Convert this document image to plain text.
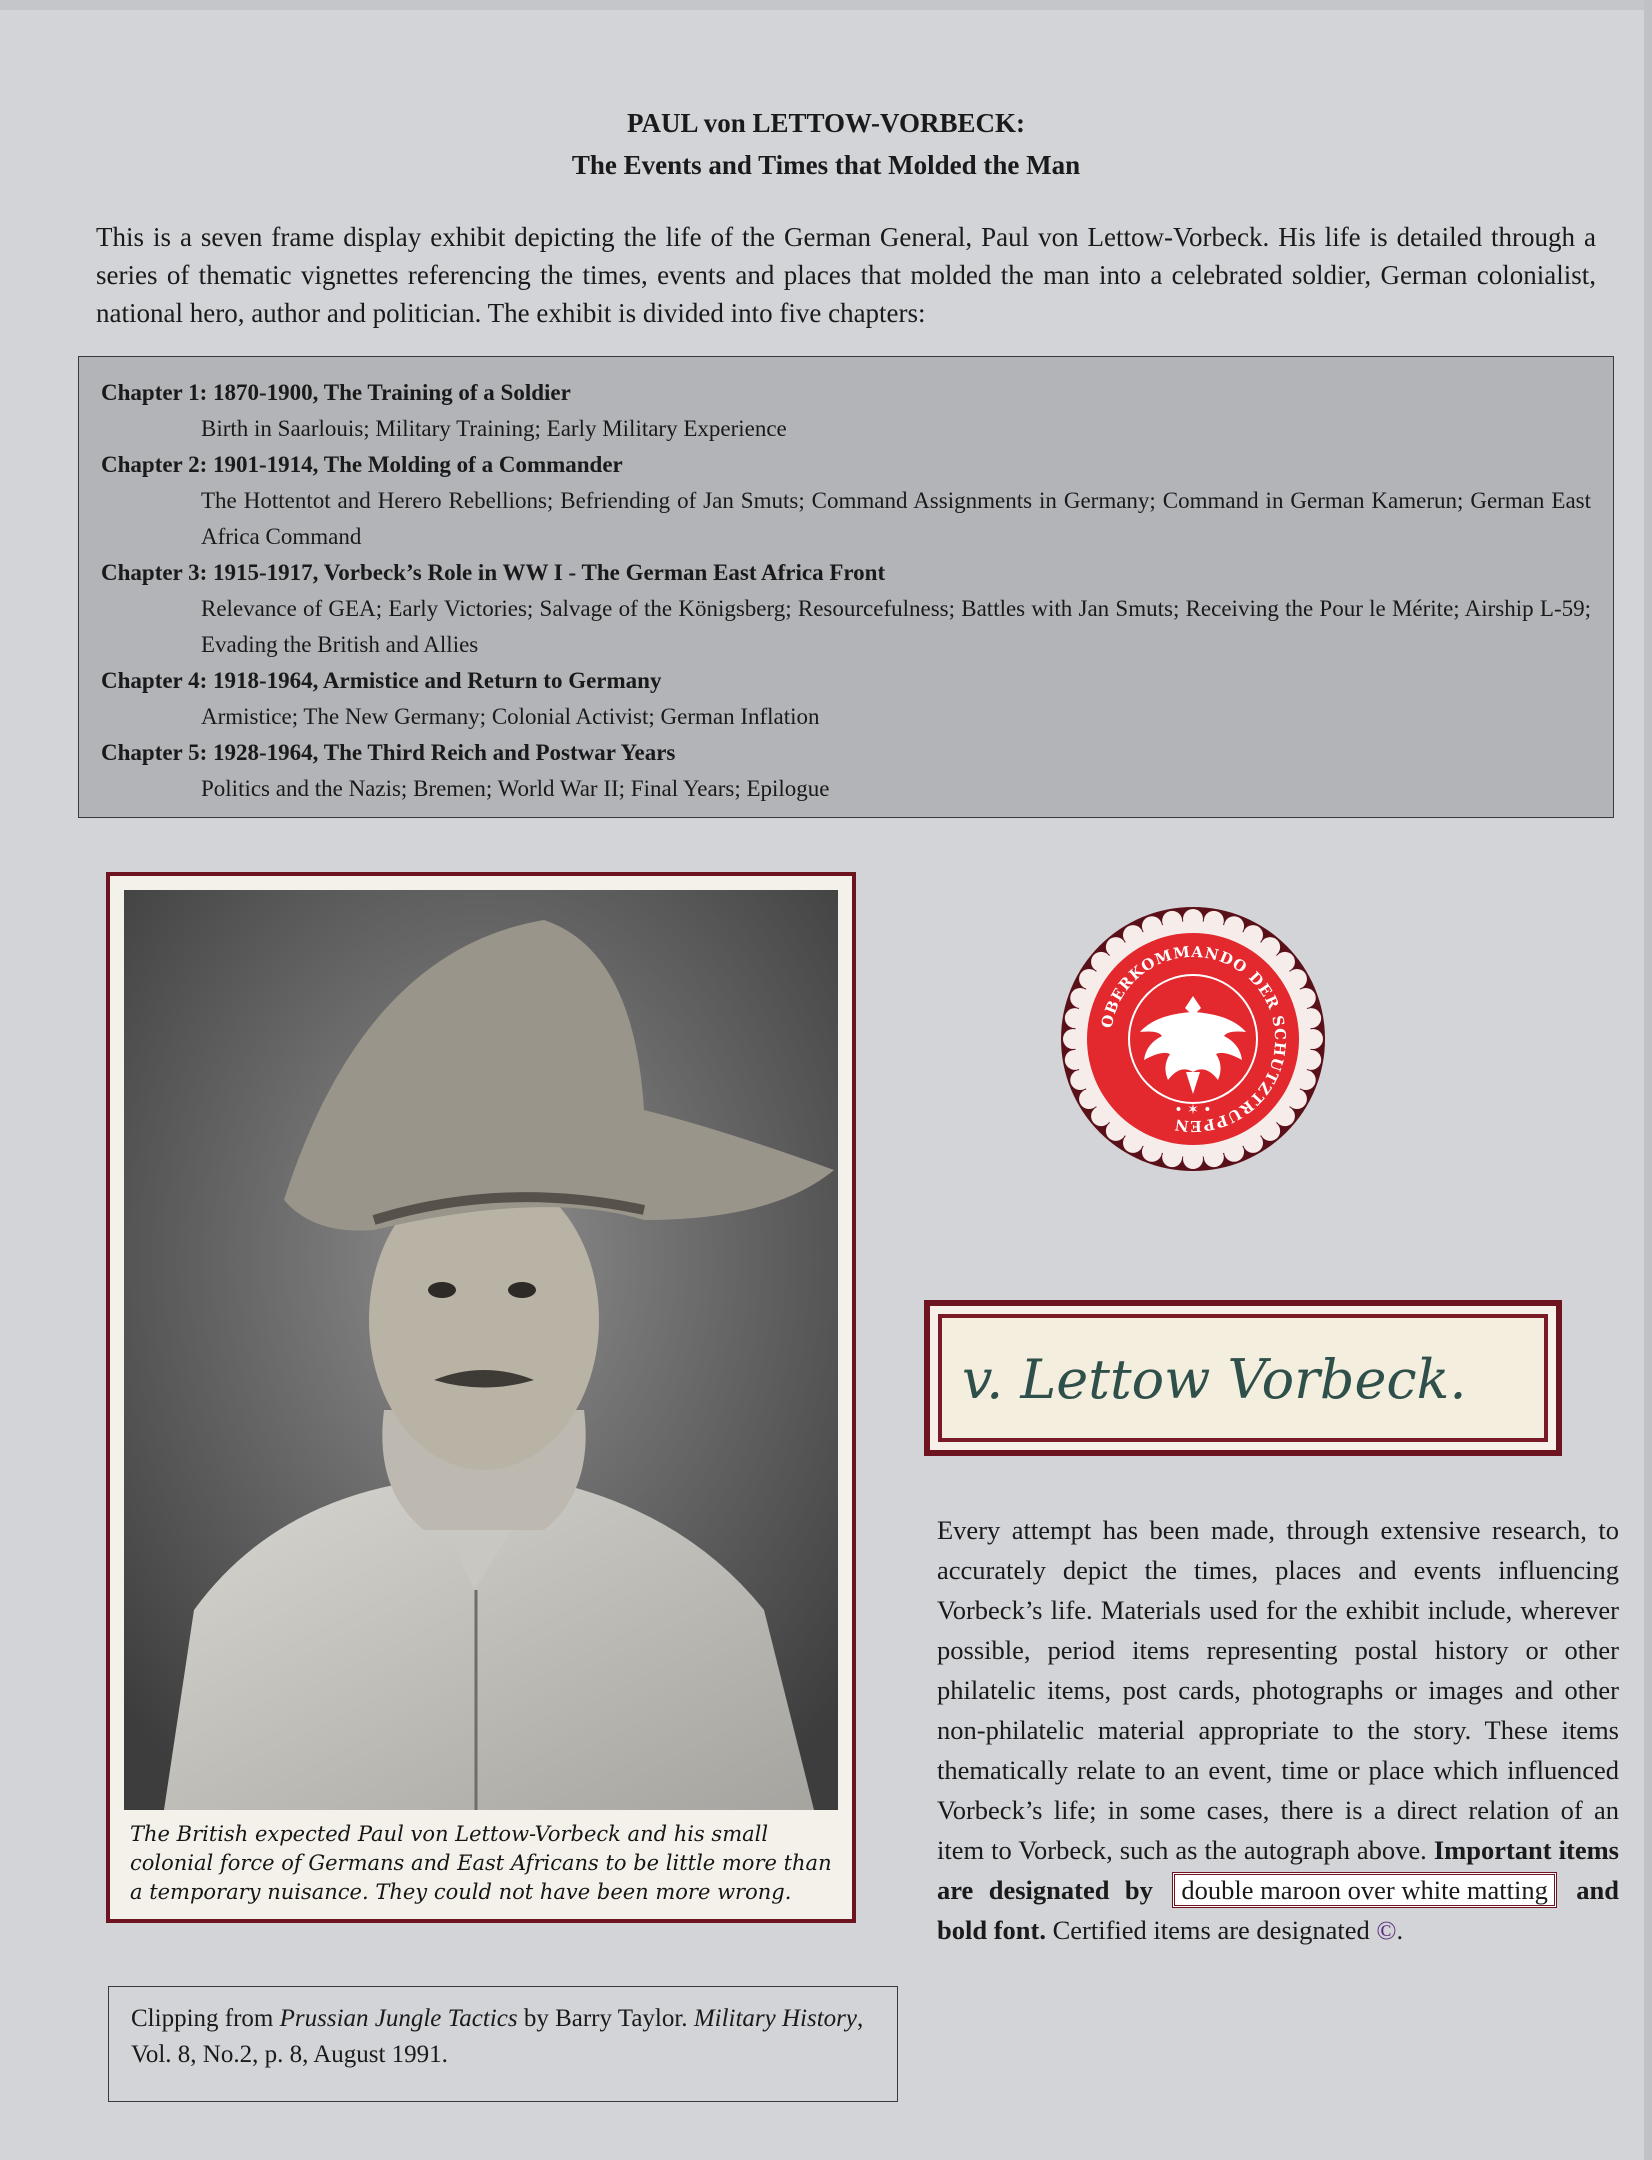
PAUL von LETTOW-VORBECK:
The Events and Times that Molded the Man
This is a seven frame display exhibit depicting the life of the German General, Paul von Lettow-Vorbeck. His life is detailed through a series of thematic vignettes referencing the times, events and places that molded the man into a celebrated soldier, German colonialist, national hero, author and politician. The exhibit is divided into five chapters:
Chapter 1: 1870-1900, The Training of a Soldier
Birth in Saarlouis; Military Training; Early Military Experience
Chapter 2: 1901-1914, The Molding of a Commander
The Hottentot and Herero Rebellions; Befriending of Jan Smuts; Command Assignments in Germany; Command in German Kamerun; German East Africa Command
Chapter 3: 1915-1917, Vorbeck’s Role in WW I - The German East Africa Front
Relevance of GEA; Early Victories; Salvage of the Königsberg; Resourcefulness; Battles with Jan Smuts; Receiving the Pour le Mérite; Airship L-59; Evading the British and Allies
Chapter 4: 1918-1964, Armistice and Return to Germany
Armistice; The New Germany; Colonial Activist; German Inflation
Chapter 5: 1928-1964, The Third Reich and Postwar Years
Politics and the Nazis; Bremen; World War II; Final Years; Epilogue
The British expected Paul von Lettow-Vorbeck and his small colonial force of Germans and East Africans to be little more than a temporary nuisance. They could not have been more wrong.
Clipping from Prussian Jungle Tactics by Barry Taylor. Military History, Vol. 8, No.2, p. 8, August 1991.
OBERKOMMANDO DER SCHUTZTRUPPEN
• ✶ •
v. Lettow Vorbeck.
Every attempt has been made, through extensive research, to accurately depict the times, places and events influencing Vorbeck’s life. Materials used for the exhibit include, wherever possible, period items representing postal history or other philatelic items, post cards, photographs or images and other non-philatelic material appropriate to the story. These items thematically relate to an event, time or place which influenced Vorbeck’s life; in some cases, there is a direct relation of an item to Vorbeck, such as the autograph above. Important items are designated by double maroon over white matting and bold font. Certified items are designated ©.
